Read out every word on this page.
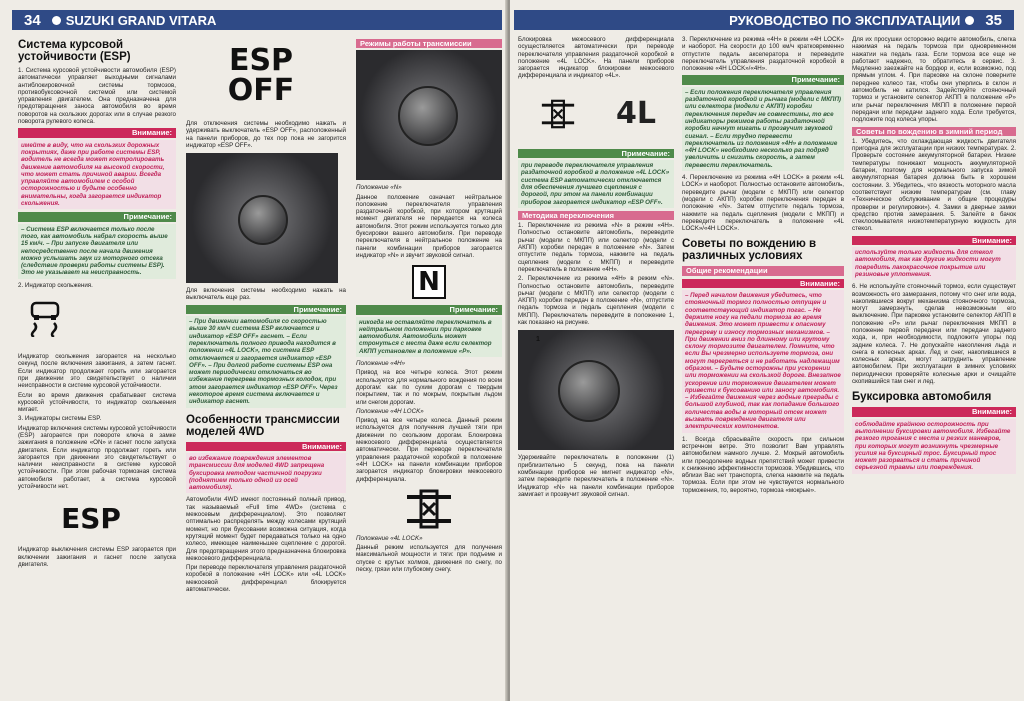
34 SUZUKI GRAND VITARA
Система курсовой устойчивости (ESP)

1. Система курсовой устойчивости автомобиля (ESP) автоматически управляет выходными сигналами антиблокировочной системы тормозов, противобуксовочной системой или системой управления двигателем. Она предназначена для предотвращения заноса автомобиля во время поворотов на скользких дорогах или в случае резкого поворота рулевого колеса.

Внимание:
имейте в виду, что на скользких дорожных покрытиях, даже при работе системы ESP, водитель не всегда может контролировать движение автомобиля на высокой скорости, что может стать причиной аварии. Всегда управляйте автомобилем с особой осторожностью и будьте особенно внимательны, когда загорается индикатор скольжения.
Примечание:
– Система ESP включается только после того, как автомобиль набрал скорость выше 15 км/ч. – При запуске двигателя или непосредственно после начала движения можно услышать звук из моторного отсека (следствие проверки работы системы ESP). Это не указывает на неисправность.

2. Индикатор скольжения.

Индикатор скольжения загорается на несколько секунд после включения зажигания, а затем гаснет. Если индикатор продолжает гореть или загорается при движении это свидетельствует о наличии неисправности в системе курсовой устойчивости.

Если во время движения срабатывает система курсовой устойчивости, то индикатор скольжения мигает.

3. Индикаторы системы ESP.

Индикатор включения системы курсовой устойчивости (ESP) загорается при повороте ключа в замке зажигания в положение «ON» и гаснет после запуска двигателя. Если индикатор продолжает гореть или загорается при движении это свидетельствует о наличии неисправности в системе курсовой устойчивости. При этом рабочая тормозная система автомобиля работает, а система курсовой устойчивости нет.

ESP

Индикатор выключения системы ESP загорается при включении зажигания и гаснет после запуска двигателя.

ESP
OFF

Для отключения системы необходимо нажать и удерживать выключатель «ESP OFF», расположенный на панели приборов, до тех пор пока не загорится индикатор «ESP OFF».

Для включения системы необходимо нажать на выключатель еще раз.

Примечание:
– При движении автомобиля со скоростью выше 30 км/ч система ESP включается и индикатор «ESP OFF» гаснет. – Если переключатель полного привода находится в положении «4L LOCK», то система ESP отключается и загорается индикатор «ESP OFF». – При долгой работе системы ESP она может периодически отключаться во избежание перегрева тормозных колодок, при этом загорается индикатор «ESP OFF». Через некоторое время система включается и индикатор гаснет.
Особенности трансмиссии моделей 4WD
Внимание:
во избежание повреждения элементов трансмиссии для моделей 4WD запрещена буксировка методом частичной погрузки (поднятием только одной из осей автомобиля).

Автомобили 4WD имеют постоянный полный привод, так называемый «Full time 4WD» (система с межосевым дифференциалом). Это позволяет оптимально распределять между колесами крутящий момент, но при буксовании возможна ситуация, когда крутящий момент будет передаваться только на одно колесо, имеющее наименьшее сцепление с дорогой. Для предотвращения этого предназначена блокировка межосевого дифференциала.

При переводе переключателя управления раздаточной коробкой в положение «4H LOCK» или «4L LOCK» межосевой дифференциал блокируется автоматически.

Режимы работы трансмиссии

Положение «N»

Данное положение означает нейтральное положение переключателя управления раздаточной коробкой, при котором крутящий момент двигателя не передается на колеса автомобиля. Этот режим используется только для буксировки вашего автомобиля. При переводе переключателя в нейтральное положение на панели комбинации приборов загорается индикатор «N» и звучит звуковой сигнал.

N
Примечание:
никогда не оставляйте переключатель в нейтральном положении при парковке автомобиля. Автомобиль может стронуться с места даже если селектор АКПП установлен в положение «P».

Положение «4H»

Привод на все четыре колеса. Этот режим используется для нормального вождения по всем дорогам: как по сухим дорогам с твердым покрытием, так и по мокрым, покрытым льдом или снегом дорогам.

Положение «4H LOCK»

Привод на все четыре колеса. Данный режим используется для получения лучшей тяги при движении по скользким дорогам. Блокировка межосевого дифференциала осуществляется автоматически. При переводе переключателя управления раздаточной коробкой в положение «4H LOCK» на панели комбинации приборов загорается индикатор блокировки межосевого дифференциала.

Положение «4L LOCK»

Данный режим используется для получения максимальной мощности и тяги: при подъеме и спуске с крутых холмов, движения по снегу, по песку, грязи или глубокому снегу.

РУКОВОДСТВО ПО ЭКСПЛУАТАЦИИ 35

Блокировка межосевого дифференциала осуществляется автоматически при переводе переключателя управления раздаточной коробкой в положение «4L LOCK». На панели приборов загорается индикатор блокировки межосевого дифференциала и индикатор «4L».

4L
Примечание:
при переводе переключателя управления раздаточной коробкой в положение «4L LOCK» система ESP автоматически отключается для обеспечения лучшего сцепления с дорогой, при этом на панели комбинации приборов загорается индикатор «ESP OFF».
Методика переключения

1. Переключение из режима «N» в режим «4H». Полностью остановите автомобиль, переведите рычаг (модели с МКПП) или селектор (модели с АКПП) коробки передач в положение «N». Затем отпустите педаль тормоза, нажмите на педаль сцепления (модели с МКПП) и переведите переключатель в положение «4H».

2. Переключение из режима «4H» в режим «N». Полностью остановите автомобиль, переведите рычаг (модели с МКПП) или селектор (модели с АКПП) коробки передач в положение «N», отпустите педаль тормоза и педаль сцепления (модели с МКПП). Переключатель переведите в положение 1, как показано на рисунке.

1

Удерживайте переключатель в положении (1) приблизительно 5 секунд, пока на панели комбинации приборов не мигнет индикатор «N», затем переведите переключатель в положение «N». Индикатор «N» на панели комбинации приборов замигает и прозвучит звуковой сигнал.

3. Переключение из режима «4H» в режим «4H LOCK» и наоборот. На скорости до 100 км/ч кратковременно отпустите педаль акселератора и переведите переключатель управления раздаточной коробкой в положение «4H LOCK»/«4H».

Примечание:
– Если положения переключателя управления раздаточной коробкой и рычага (модели с МКПП) или селектора (модели с АКПП) коробки переключения передач не совместимы, то все индикаторы режимов работы раздаточной коробки начнут мигать и прозвучит звуковой сигнал. – Если трудно перевести переключатель из положения «4H» в положение «4H LOCK» необходимо несколько раз подряд увеличить и снизить скорость, а затем перевести переключатель.

4. Переключение из режима «4H LOCK» в режим «4L LOCK» и наоборот. Полностью остановите автомобиль, переведите рычаг (модели с МКПП) или селектор (модели с АКПП) коробки переключения передач в положение «N». Затем отпустите педаль тормоза, нажмите на педаль сцепления (модели с МКПП) и переведите переключатель в положение «4L LOCK»/«4H LOCK».

Советы по вождению в различных условиях
Общие рекомендации
Внимание:
– Перед началом движения убедитесь, что стояночный тормоз полностью отпущен и соответствующий индикатор погас. – Не держите ногу на педали тормоза во время движения. Это может привести к опасному перегреву и износу тормозных механизмов. – При движении вниз по длинному или крутому склону тормозите двигателем. Помните, что если Вы чрезмерно используете тормоза, они могут перегреться и не работать надлежащим образом. – Будьте осторожны при ускорении или торможении на скользкой дороге. Внезапное ускорение или торможение двигателем может привести к буксованию или заносу автомобиля. – Избегайте движения через водные преграды с большой глубиной, так как попадание большого количества воды в моторный отсек может вызвать повреждение двигателя или электрических компонентов.

1. Всегда сбрасывайте скорость при сильном встречном ветре. Это позволит Вам управлять автомобилем намного лучше. 2. Мокрый автомобиль или преодоление водных препятствий может привести к снижению эффективности тормозов. Убедившись, что вблизи Вас нет транспорта, слегка нажмите на педаль тормоза. Если при этом не чувствуется нормального торможения, то, вероятно, тормоза «мокрые».

Для их просушки осторожно ведите автомобиль, слегка нажимая на педаль тормоза при одновременном нажатии на педаль газа. Если тормоза все еще не работают надежно, то обратитесь в сервис. 3. Медленно заезжайте на бордюр и, если возможно, под прямым углом. 4. При парковке на склоне поверните переднее колесо так, чтобы они уперлись в склон и автомобиль не катился. Задействуйте стояночный тормоз и установите селектор АКПП в положение «P» или рычаг переключения МКПП в положение первой передачи или передачи заднего хода. Если требуется, подложите под колеса упоры.

Советы по вождению в зимний период

1. Убедитесь, что охлаждающая жидкость двигателя пригодна для эксплуатации при низких температурах. 2. Проверьте состояние аккумуляторной батареи. Низкие температуры понижают мощность аккумуляторной батареи, поэтому для нормального запуска зимой аккумуляторная батарея должна быть в хорошем состоянии. 3. Убедитесь, что вязкость моторного масла соответствует низким температурам (см. главу «Техническое обслуживание и общие процедуры проверки и регулировки»). 4. Замки в дверные замки средство против замерзания. 5. Залейте в бачок стеклоомывателя низкотемпературную жидкость для стекол.

Внимание:
используйте только жидкость для стекол автомобиля, так как другие жидкости могут повредить лакокрасочное покрытие или резиновые уплотнения.

6. Не используйте стояночный тормоз, если существует возможность его замерзания, потому что снег или вода, накопившиеся вокруг механизма стояночного тормоза, могут замерзнуть, сделав невозможным его выключение. При парковке установите селектор АКПП в положение «P» или рычаг переключения МКПП в положение первой передачи или передачи заднего хода, и, при необходимости, подложите упоры под задние колеса. 7. Не допускайте накопления льда и снега в колесных арках. Лед и снег, накопившиеся в колесных арках, могут затруднить управление автомобилем. При эксплуатации в зимних условиях периодически проверяйте колесные арки и счищайте скопившийся там снег и лед.

Буксировка автомобиля
Внимание:
соблюдайте крайнюю осторожность при выполнении буксировки автомобиля. Избегайте резкого трогания с места и резких маневров, при которых могут возникнуть чрезмерные усилия на буксирный трос. Буксирный трос может разорваться и стать причиной серьезной травмы или повреждения.
